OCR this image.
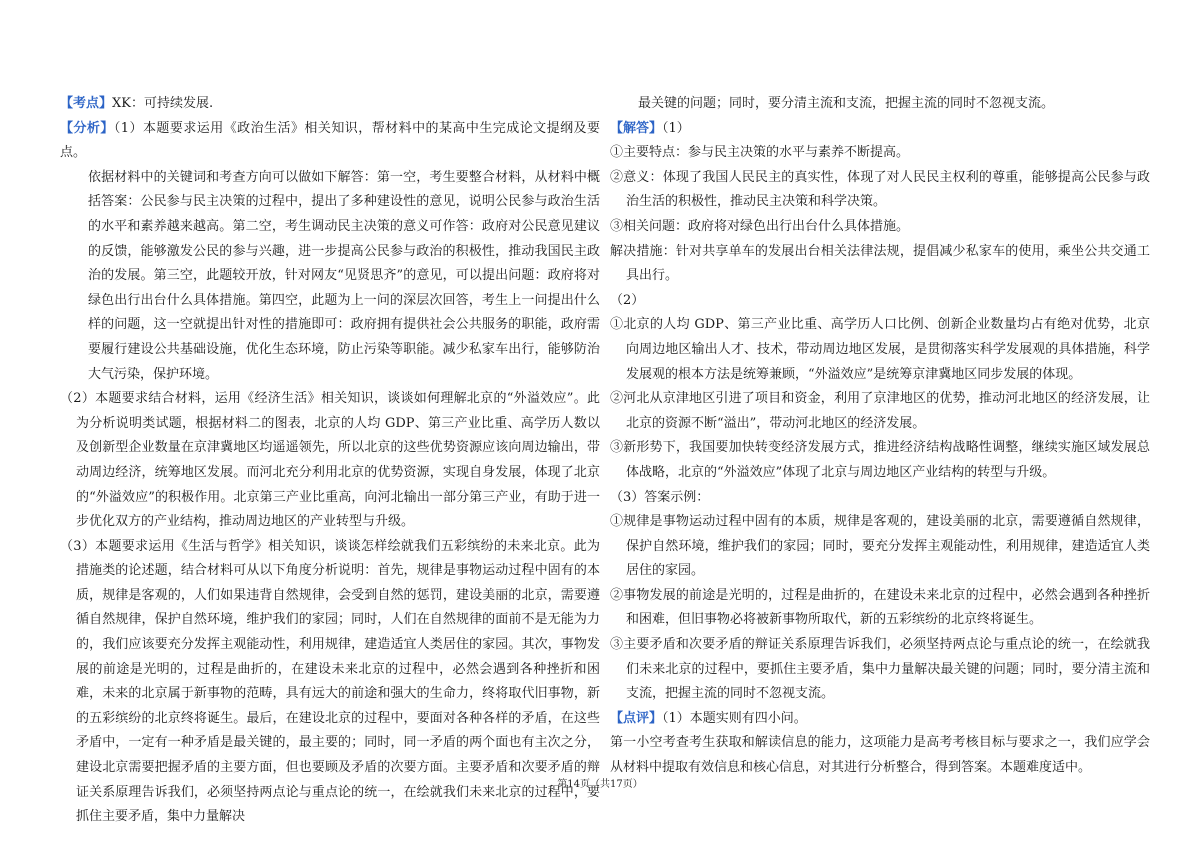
【考点】XK：可持续发展.

【分析】（1）本题要求运用《政治生活》相关知识，帮材料中的某高中生完成论文提纲及要点。

依据材料中的关键词和考查方向可以做如下解答：第一空，考生要整合材料，从材料中概括答案：公民参与民主决策的过程中，提出了多种建设性的意见，说明公民参与政治生活的水平和素养越来越高。第二空，考生调动民主决策的意义可作答：政府对公民意见建议的反馈，能够激发公民的参与兴趣，进一步提高公民参与政治的积极性，推动我国民主政治的发展。第三空，此题较开放，针对网友“见贤思齐”的意见，可以提出问题：政府将对绿色出行出台什么具体措施。第四空，此题为上一问的深层次回答，考生上一问提出什么样的问题，这一空就提出针对性的措施即可：政府拥有提供社会公共服务的职能，政府需要履行建设公共基础设施，优化生态环境，防止污染等职能。减少私家车出行，能够防治大气污染，保护环境。

（2）本题要求结合材料，运用《经济生活》相关知识，谈谈如何理解北京的“外溢效应”。此为分析说明类试题，根据材料二的图表，北京的人均 GDP、第三产业比重、高学历人数以及创新型企业数量在京津冀地区均遥遥领先，所以北京的这些优势资源应该向周边输出，带动周边经济，统筹地区发展。而河北充分利用北京的优势资源，实现自身发展，体现了北京的“外溢效应”的积极作用。北京第三产业比重高，向河北输出一部分第三产业，有助于进一步优化双方的产业结构，推动周边地区的产业转型与升级。

（3）本题要求运用《生活与哲学》相关知识，谈谈怎样绘就我们五彩缤纷的未来北京。此为措施类的论述题，结合材料可从以下角度分析说明：首先，规律是事物运动过程中固有的本质，规律是客观的，人们如果违背自然规律，会受到自然的惩罚，建设美丽的北京，需要遵循自然规律，保护自然环境，维护我们的家园；同时，人们在自然规律的面前不是无能为力的，我们应该要充分发挥主观能动性，利用规律，建造适宜人类居住的家园。其次，事物发展的前途是光明的，过程是曲折的，在建设未来北京的过程中，必然会遇到各种挫折和困难，未来的北京属于新事物的范畴，具有远大的前途和强大的生命力，终将取代旧事物，新的五彩缤纷的北京终将诞生。最后，在建设北京的过程中，要面对各种各样的矛盾，在这些矛盾中，一定有一种矛盾是最关键的，最主要的；同时，同一矛盾的两个面也有主次之分，建设北京需要把握矛盾的主要方面，但也要顾及矛盾的次要方面。主要矛盾和次要矛盾的辩证关系原理告诉我们，必须坚持两点论与重点论的统一，在绘就我们未来北京的过程中，要抓住主要矛盾，集中力量解决

最关键的问题；同时，要分清主流和支流，把握主流的同时不忽视支流。

【解答】（1）

①主要特点：参与民主决策的水平与素养不断提高。

②意义：体现了我国人民民主的真实性，体现了对人民民主权利的尊重，能够提高公民参与政治生活的积极性，推动民主决策和科学决策。

③相关问题：政府将对绿色出行出台什么具体措施。

解决措施：针对共享单车的发展出台相关法律法规，提倡减少私家车的使用，乘坐公共交通工具出行。

（2）

①北京的人均 GDP、第三产业比重、高学历人口比例、创新企业数量均占有绝对优势，北京向周边地区输出人才、技术，带动周边地区发展，是贯彻落实科学发展观的具体措施，科学发展观的根本方法是统筹兼顾，“外溢效应”是统筹京津冀地区同步发展的体现。

②河北从京津地区引进了项目和资金，利用了京津地区的优势，推动河北地区的经济发展，让北京的资源不断“溢出”，带动河北地区的经济发展。

③新形势下，我国要加快转变经济发展方式，推进经济结构战略性调整，继续实施区域发展总体战略，北京的“外溢效应”体现了北京与周边地区产业结构的转型与升级。

（3）答案示例：

①规律是事物运动过程中固有的本质，规律是客观的，建设美丽的北京，需要遵循自然规律，保护自然环境，维护我们的家园；同时，要充分发挥主观能动性，利用规律，建造适宜人类居住的家园。

②事物发展的前途是光明的，过程是曲折的，在建设未来北京的过程中，必然会遇到各种挫折和困难，但旧事物必将被新事物所取代，新的五彩缤纷的北京终将诞生。

③主要矛盾和次要矛盾的辩证关系原理告诉我们，必须坚持两点论与重点论的统一，在绘就我们未来北京的过程中，要抓住主要矛盾，集中力量解决最关键的问题；同时，要分清主流和支流，把握主流的同时不忽视支流。

【点评】（1）本题实则有四小问。

第一小空考查考生获取和解读信息的能力，这项能力是高考考核目标与要求之一，我们应学会从材料中提取有效信息和核心信息，对其进行分析整合，得到答案。本题难度适中。

第14页（共17页）
